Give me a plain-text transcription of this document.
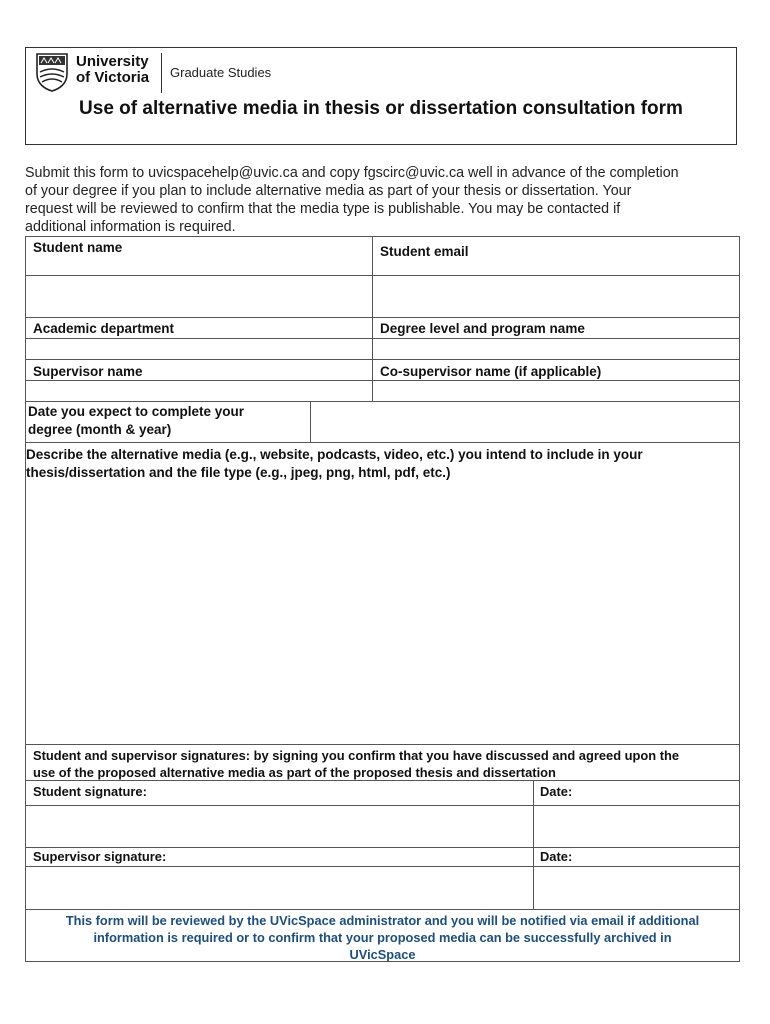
University
of Victoria Graduate Studies
Use of alternative media in thesis or dissertation consultation form
Submit this form to uvicspacehelp@uvic.ca and copy fgscirc@uvic.ca well in advance of the completion
of your degree if you plan to include alternative media as part of your thesis or dissertation. Your
request will be reviewed to confirm that the media type is publishable. You may be contacted if
additional information is required.
Student name	Student email
Academic department	Degree level and program name
Supervisor name	Co-supervisor name (if applicable)
Date you expect to complete your
degree (month & year)
Describe the alternative media (e.g., website, podcasts, video, etc.) you intend to include in your
thesis/dissertation and the file type (e.g., jpeg, png, html, pdf, etc.)
Student and supervisor signatures: by signing you confirm that you have discussed and agreed upon the
use of the proposed alternative media as part of the proposed thesis and dissertation
Student signature:	Date:
Supervisor signature:	Date:
This form will be reviewed by the UVicSpace administrator and you will be notified via email if additional
information is required or to confirm that your proposed media can be successfully archived in
UVicSpace
